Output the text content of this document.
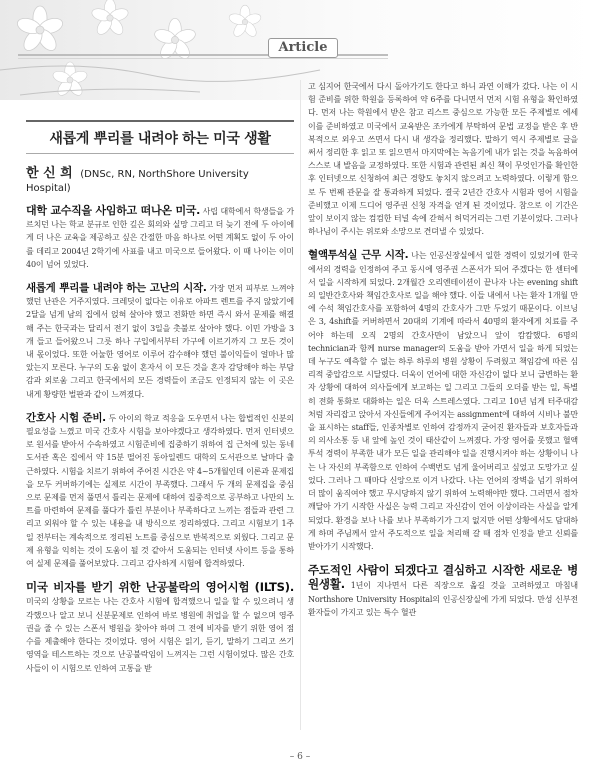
Article
새롭게 뿌리를 내려야 하는 미국 생활
한 신 희 (DNSc, RN, NorthShore University Hospital)

대학 교수직을 사임하고 떠나온 미국. 사립 대학에서 학생들을 가르치던 나는 학교 분규로 인한 깊은 회의와 실망 그리고 더 늦기 전에 두 아이에게 더 나은 교육을 제공하고 싶은 간절한 마음 하나로 어떤 계획도 없이 두 아이를 데리고 2004년 2학기에 사표를 내고 미국으로 들어왔다. 이 때 나이는 이미 40이 넘어 있었다.

새롭게 뿌리를 내려야 하는 고난의 시작. 가장 먼저 피부로 느껴야 했던 난관은 거주지였다. 크레딧이 없다는 이유로 아파트 렌트를 주지 않았기에 2달을 넘게 남의 집에서 얹혀 살아야 했고 전화만 하면 즉시 와서 문제를 해결해 주는 한국과는 달리서 전기 없이 3일을 촛불로 살아야 했다. 이민 가방을 3개 들고 들어왔으니 그릇 하나 구입에서부터 가구에 이르기까지 그 모든 것이 내 몫이었다. 또한 어눌한 영어로 이루어 감수해야 했던 불이익들이 얼마나 많았는지 모른다. 누구의 도움 없이 혼자서 이 모든 것을 혼자 감당해야 하는 부담감과 외로움 그리고 한국에서의 모든 경력들이 조금도 인정되지 않는 이 곳은 내게 황량한 벌판과 같이 느껴졌다.

간호사 시험 준비. 두 아이의 학교 적응을 도우면서 나는 합법적인 신분의 필요성을 느꼈고 미국 간호사 시험을 보아야겠다고 생각하였다. 먼저 인터넷으로 원서를 받아서 수속하였고 시험준비에 집중하기 위하여 집 근처에 있는 동네 도서관 혹은 집에서 약 15분 떨어진 동아일렌드 대학의 도서관으로 날마다 출근하였다. 시험을 치르기 위하여 주어진 시간은 약 4~5개월인데 이론과 문제집을 모두 커버하기에는 실제로 시간이 부족했다. 그래서 두 개의 문제집을 중심으로 문제를 먼저 풀면서 틀리는 문제에 대하여 집중적으로 공부하고 나만의 노트를 마련하여 문제를 풀다가 틀린 부분이나 부족하다고 느끼는 점들과 관련 그리고 외워야 할 수 있는 내용을 내 방식으로 정리하였다. 그리고 시험보기 1주일 전부터는 계속적으로 정리된 노트를 중심으로 반복적으로 외웠다. 그리고 문제 유형을 익히는 것이 도움이 될 것 같아서 도움되는 인터넷 사이트 등을 통하여 실제 문제를 풀어보았다. 그리고 감사하게 시험에 합격하였다.

미국 비자를 받기 위한 난공불락의 영어시험 (ILTS). 미국의 상황을 모르는 나는 간호사 시험에 합격했으니 일을 할 수 있으려니 생각했으나 알고 보니 신분문제로 인하여 바로 병원에 취업을 할 수 없으며 영주권을 줄 수 있는 스폰서 병원을 찾아야 하며 그 전에 비자를 받기 위한 영어 점수를 제출해야 한다는 것이었다. 영어 시험은 읽기, 듣기, 말하기 그리고 쓰기 영역을 테스트하는 것으로 난공불락임이 느껴지는 그런 시험이었다. 많은 간호사들이 이 시험으로 인하여 고통을 받

고 심지어 한국에서 다시 돌아가기도 한다고 하니 과연 이해가 갔다. 나는 이 시험 준비를 위한 학원을 등록하여 약 6주를 다니면서 먼저 시험 유형을 확인하였다. 먼저 나는 학원에서 받은 참고 리스트 중심으로 가능한 모든 주제별로 에세이를 준비하였고 미국에서 교육받은 조카에게 부탁하여 문법 교정을 받은 후 반복적으로 외우고 쓰면서 다시 내 생각을 정리했다. 말하기 역시 주제별로 글을 써서 정리한 후 읽고 또 읽으면서 마지막에는 녹음기에 내가 읽는 것을 녹음하여 스스로 내 발음을 교정하였다. 또한 시험과 관련된 최신 책이 무엇인가를 확인한 후 인터넷으로 신청하여 최근 경향도 놓치지 않으려고 노력하였다. 이렇게 함으로 두 번째 관문을 잘 통과하게 되었다. 결국 2년간 간호사 시험과 영어 시험을 준비했고 이제 드디어 영주권 신청 자격을 얻게 된 것이었다. 참으로 이 기간은 앞이 보이지 않는 컴컴한 터널 속에 갇혀서 허덕거리는 그런 기분이었다. 그러나 하나님이 주시는 위로와 소망으로 견뎌낼 수 있었다.

혈액투석실 근무 시작. 나는 인공신장실에서 일한 경력이 있었기에 한국에서의 경력을 인정하여 주고 동시에 영주권 스폰서가 되어 주겠다는 한 센터에서 일을 시작하게 되었다. 2개월간 오리엔테이션이 끝나자 나는 evening shift의 일반간호사와 책임간호사로 일을 해야 했다. 이들 내에서 나는 환자 1개월 만에 수석 책임간호사를 포함하여 4명의 간호사가 그만 두었기 때문이다. 이브닝은 3, 4shift를 커버하면서 20대의 기계에 따라서 40명의 환자에게 치료를 주어야 하는데 오직 2명의 간호사만이 남았으니 앞이 캄캄했다. 6명의 technician과 함께 nurse manager의 도움을 받아 가면서 일을 하게 되었는데 누구도 예측할 수 없는 하루 하루의 병원 상황이 두려웠고 책임감에 따른 심리적 중압감으로 시달렸다. 더욱이 언어에 대한 자신감이 없다 보니 급변하는 환자 상황에 대하여 의사들에게 보고하는 일 그리고 그들의 오더를 받는 일, 특별히 전화 통화로 대화하는 일은 더욱 스트레스였다. 그리고 10년 넘게 터주대감처럼 자리잡고 앉아서 자신들에게 주어지는 assignment에 대하여 시비나 불만을 표시하는 staff들, 인종차별로 인하여 감정까지 굳어진 환자들과 보호자들과의 의사소통 등 내 앞에 높인 것이 태산같이 느껴졌다. 가장 영어를 못했고 혈액투석 경력이 부족한 내가 모든 일을 관리해야 일을 진행시켜야 하는 상황이니 나는 나 자신의 부족함으로 인하여 수백번도 넘게 울어버리고 싶었고 도망가고 싶었다. 그러나 그 때마다 신앙으로 이겨 나갔다. 나는 언어의 장벽을 넘기 위하여 더 많이 움직여야 했고 무시당하지 않기 위하여 노력해야만 했다. 그러면서 점차 깨달아 가기 시작한 사실은 능력 그리고 자신감이 언어 이상이라는 사실을 알게 되었다. 환경을 보나 나를 보나 부족하기가 그지 없지만 어떤 상황에서도 담대하게 하며 주님께서 앞서 주도적으로 일을 처리해 갈 때 점차 인정을 받고 신뢰를 받아가기 시작했다.

주도적인 사람이 되겠다고 결심하고 시작한 새로운 병원생활. 1년이 지나면서 다른 직장으로 옮길 것을 고려하였고 마침내 Northshore University Hospital의 인공신장실에 가게 되었다. 만성 신부전 환자들이 가지고 있는 특수 혈관

– 6 –
